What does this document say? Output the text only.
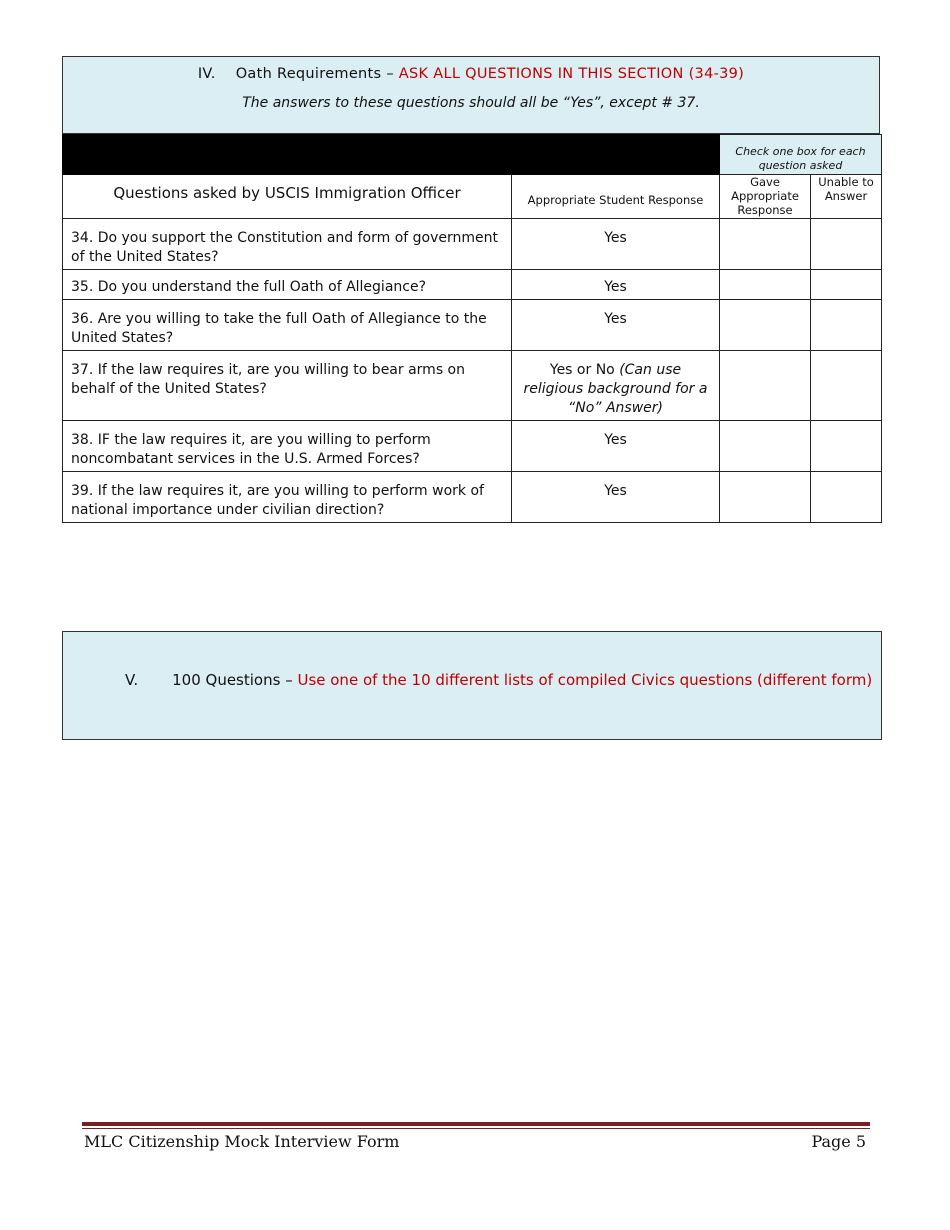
IV. Oath Requirements – ASK ALL QUESTIONS IN THIS SECTION (34-39)
The answers to these questions should all be “Yes”, except # 37.
		Check one box for each question asked	
Questions asked by USCIS Immigration Officer	Appropriate Student Response	Gave Appropriate Response	Unable to Answer
34. Do you support the Constitution and form of government of the United States?	Yes		
35. Do you understand the full Oath of Allegiance?	Yes		
36. Are you willing to take the full Oath of Allegiance to the United States?	Yes		
37. If the law requires it, are you willing to bear arms on behalf of the United States?	Yes or No (Can use religious background for a “No” Answer)		
38. IF the law requires it, are you willing to perform noncombatant services in the U.S. Armed Forces?	Yes		
39. If the law requires it, are you willing to perform work of national importance under civilian direction?	Yes		
V. 100 Questions – Use one of the 10 different lists of compiled Civics questions (different form)
MLC Citizenship Mock Interview Form	Page 5
